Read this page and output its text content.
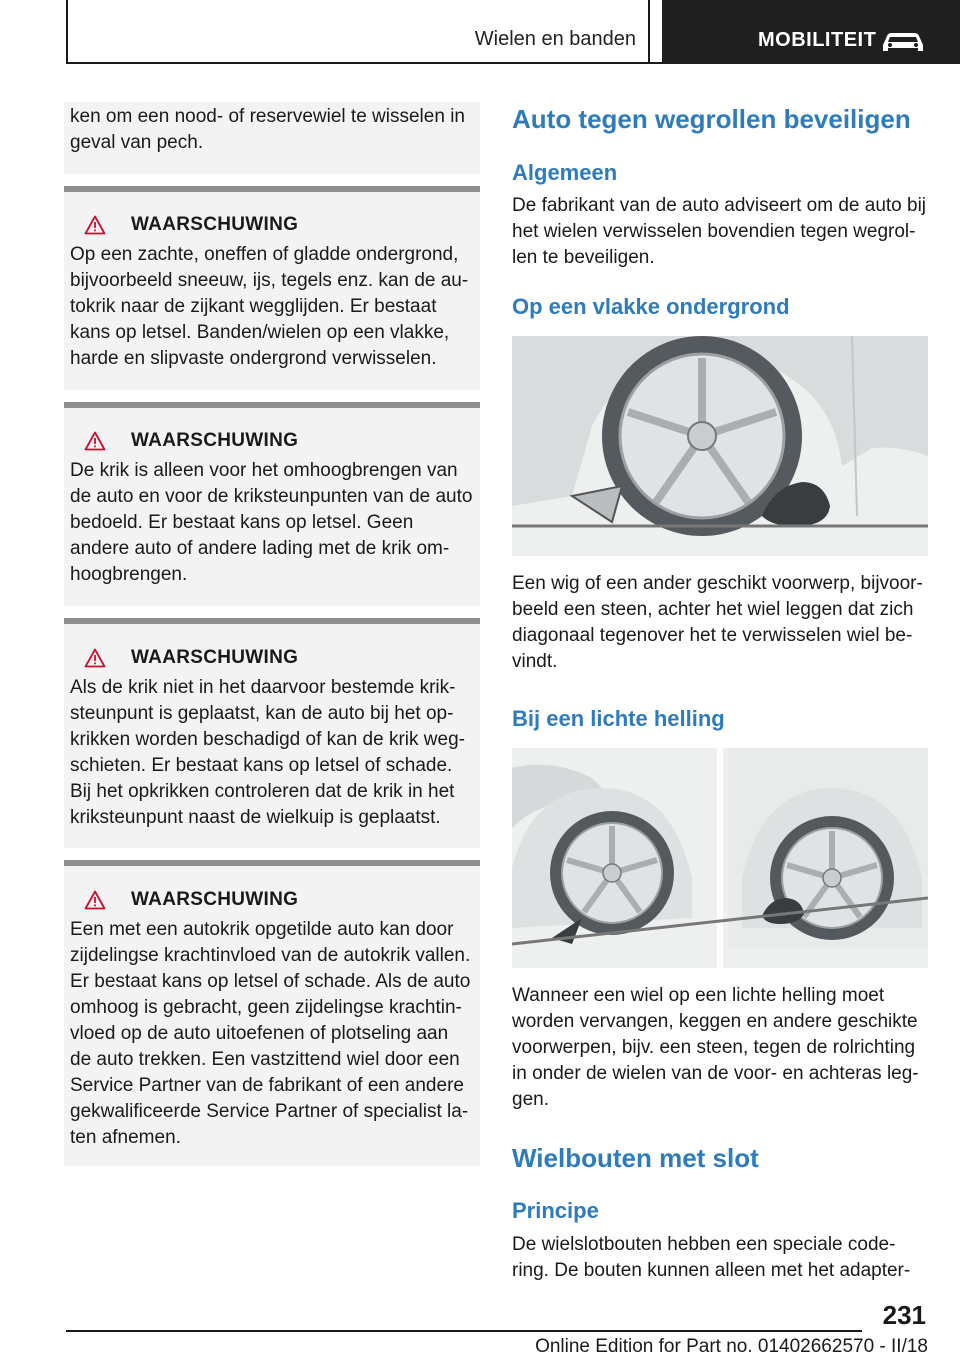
Wielen en banden	MOBILITEIT
ken om een nood- of reservewiel te wisselen in geval van pech.
WAARSCHUWING
Op een zachte, oneffen of gladde ondergrond, bijvoorbeeld sneeuw, ijs, tegels enz. kan de au‐tokrik naar de zijkant wegglijden. Er bestaat kans op letsel. Banden/wielen op een vlakke, harde en slipvaste ondergrond verwisselen.
WAARSCHUWING
De krik is alleen voor het omhoogbrengen van de auto en voor de kriksteunpunten van de auto bedoeld. Er bestaat kans op letsel. Geen andere auto of andere lading met de krik om‐hoogbrengen.
WAARSCHUWING
Als de krik niet in het daarvoor bestemde krik‐steunpunt is geplaatst, kan de auto bij het op‐krikken worden beschadigd of kan de krik weg‐schieten. Er bestaat kans op letsel of schade. Bij het opkrikken controleren dat de krik in het kriksteunpunt naast de wielkuip is geplaatst.
WAARSCHUWING
Een met een autokrik opgetilde auto kan door zijdelingse krachtinvloed van de autokrik vallen. Er bestaat kans op letsel of schade. Als de auto omhoog is gebracht, geen zijdelingse krachtin‐vloed op de auto uitoefenen of plotseling aan de auto trekken. Een vastzittend wiel door een Service Partner van de fabrikant of een andere gekwalificeerde Service Partner of specialist la‐ten afnemen.
Auto tegen wegrollen beveiligen
Algemeen
De fabrikant van de auto adviseert om de auto bij het wielen verwisselen bovendien tegen wegrol‐len te beveiligen.
Op een vlakke ondergrond
Een wig of een ander geschikt voorwerp, bijvoor‐beeld een steen, achter het wiel leggen dat zich diagonaal tegenover het te verwisselen wiel be‐vindt.
Bij een lichte helling
Wanneer een wiel op een lichte helling moet worden vervangen, keggen en andere geschikte voorwerpen, bijv. een steen, tegen de rolrichting in onder de wielen van de voor- en achteras leg‐gen.
Wielbouten met slot
Principe
De wielslotbouten hebben een speciale code‐ring. De bouten kunnen alleen met het adapter‐
231
Online Edition for Part no. 01402662570 - II/18
